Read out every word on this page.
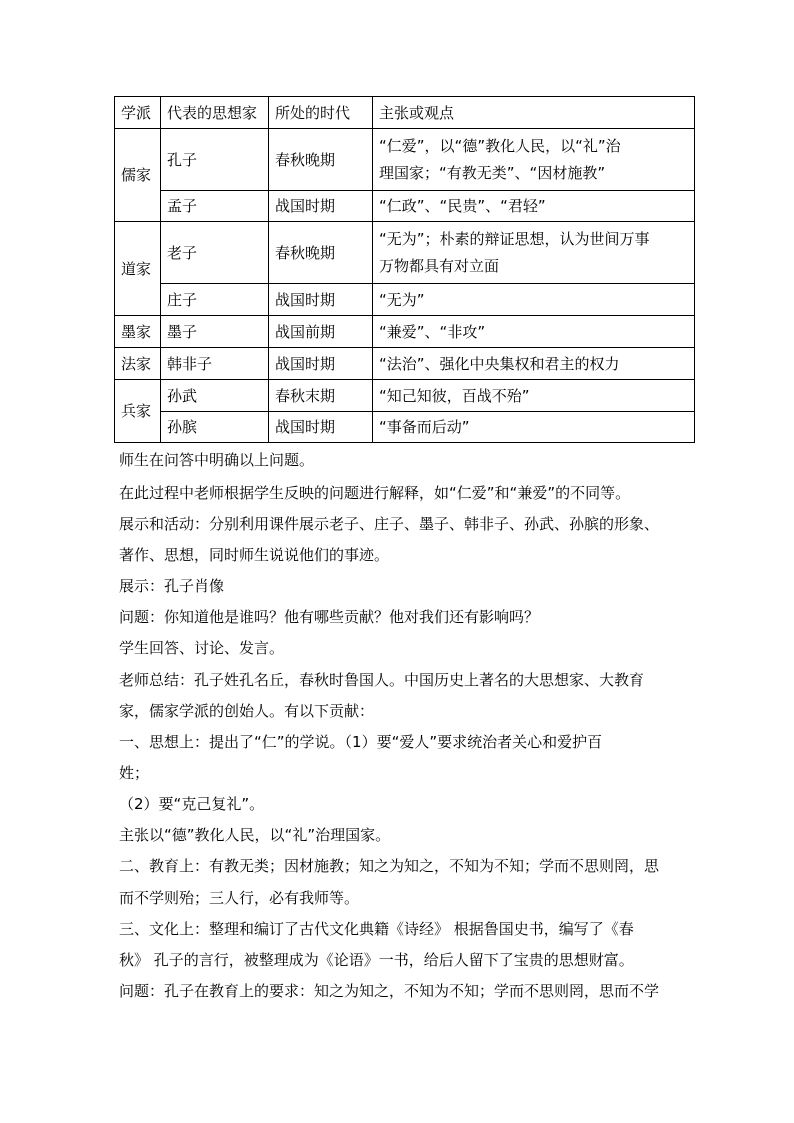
学派	代表的思想家	所处的时代	主张或观点
儒家	孔子	春秋晚期	“仁爱”，以“德”教化人民，以“礼”治
理国家；“有教无类”、“因材施教”

	孟子	战国时期	“仁政”、“民贵”、“君轻”
道家	老子	春秋晚期	“无为”；朴素的辩证思想，认为世间万事
万物都具有对立面

	庄子	战国时期	“无为”
墨家	墨子	战国前期	“兼爱”、“非攻”
法家	韩非子	战国时期	“法治”、强化中央集权和君主的权力
兵家	孙武	春秋末期	“知己知彼，百战不殆”
	孙膑	战国时期	“事备而后动”
师生在问答中明确以上问题。
在此过程中老师根据学生反映的问题进行解释，如“仁爱”和“兼爱”的不同等。
展示和活动：分别利用课件展示老子、庄子、墨子、韩非子、孙武、孙膑的形象、
著作、思想，同时师生说说他们的事迹。
展示：孔子肖像
问题：你知道他是谁吗？他有哪些贡献？他对我们还有影响吗？
学生回答、讨论、发言。
老师总结：孔子姓孔名丘，春秋时鲁国人。中国历史上著名的大思想家、大教育
家，儒家学派的创始人。有以下贡献：
一、思想上：提出了“仁”的学说。（1）要“爱人”要求统治者关心和爱护百
姓；
（2）要“克己复礼”。
主张以“德”教化人民，以“礼”治理国家。
二、教育上：有教无类；因材施教；知之为知之，不知为不知；学而不思则罔，思
而不学则殆；三人行，必有我师等。
三、文化上：整理和编订了古代文化典籍《诗经》 根据鲁国史书，编写了《春
秋》 孔子的言行，被整理成为《论语》一书，给后人留下了宝贵的思想财富。
问题：孔子在教育上的要求：知之为知之，不知为不知；学而不思则罔，思而不学
